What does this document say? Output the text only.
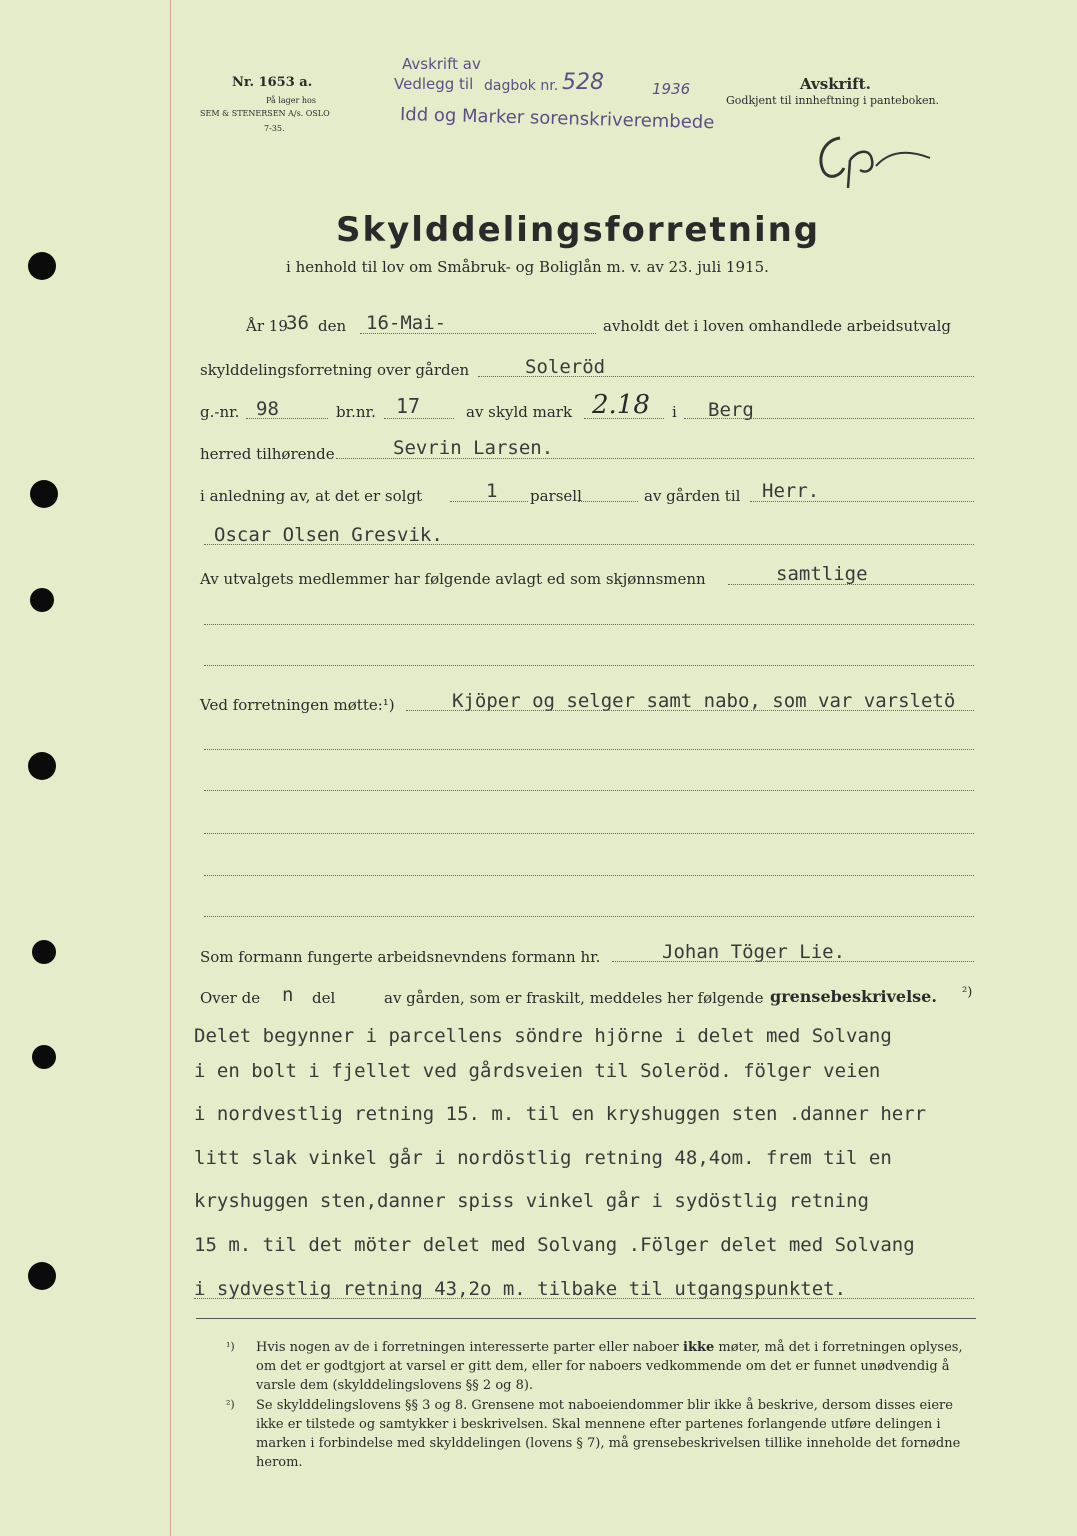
Nr. 1653 a.
På lager hos
SEM & STENERSEN A/s. OSLO
7-35.
Avskrift av
Vedlegg til dagbok nr. 528	1936
Idd og Marker sorenskriverembede
Avskrift.
Godkjent til innheftning i panteboken.
Skylddelingsforretning
i henhold til lov om Småbruk- og Boliglån m. v. av 23. juli 1915.
År 19
36 den 16-Mai-	avholdt det i loven omhandlede arbeidsutvalg
skylddelingsforretning over gården	Soleröd
g.-nr. 98	br.nr. 17	av skyld mark 2.18 i Berg
herred tilhørende	Sevrin Larsen.
i anledning av, at det er solgt	1 parsell	av gården til Herr.
Oscar Olsen Gresvik.
Av utvalgets medlemmer har følgende avlagt ed som skjønnsmenn	samtlige
Ved forretningen møtte:¹)	Kjöper og selger samt nabo, som var varsletö
Som formann fungerte arbeidsnevndens formann hr.	Johan Töger Lie.
Over de n del	av gården, som er fraskilt, meddeles her følgende grensebeskrivelse. ²)
Delet begynner i parcellens söndre hjörne i delet med Solvang
i en bolt i fjellet ved gårdsveien til Soleröd. fölger veien
i nordvestlig retning 15. m. til en kryshuggen sten .danner herr
litt slak vinkel går i nordöstlig retning 48,4om. frem til en
kryshuggen sten,danner spiss vinkel går i sydöstlig retning
15 m. til det möter delet med Solvang .Fölger delet med Solvang
i sydvestlig retning 43,2o m. tilbake til utgangspunktet.
¹) Hvis nogen av de i forretningen interesserte parter eller naboer ikke møter, må det i forretningen oplyses, om det er godtgjort at varsel er gitt dem, eller for naboers vedkommende om det er funnet unødvendig å varsle dem (skylddelingslovens §§ 2 og 8).
²) Se skylddelingslovens §§ 3 og 8. Grensene mot naboeiendommer blir ikke å beskrive, dersom disses eiere ikke er tilstede og samtykker i beskrivelsen. Skal mennene efter partenes forlangende utføre delingen i marken i forbindelse med skylddelingen (lovens § 7), må grensebeskrivelsen tillike inneholde det fornødne herom.
